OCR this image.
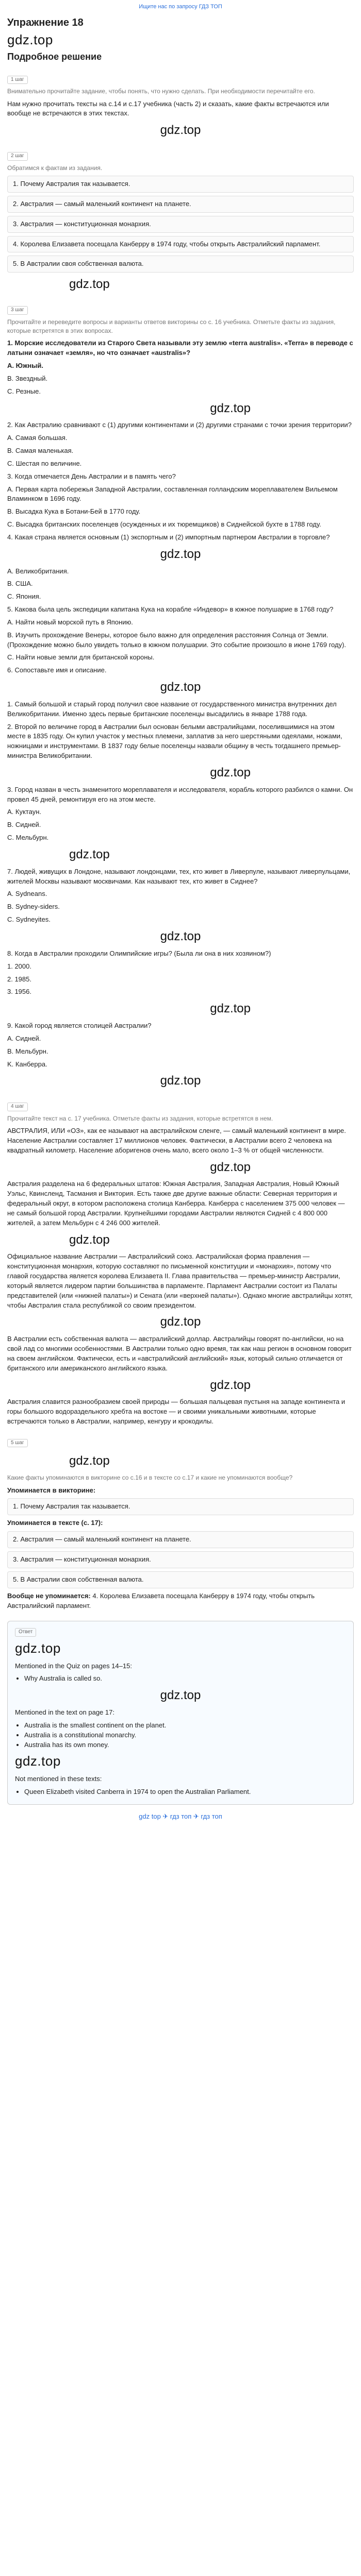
Ищите нас по запросу ГДЗ ТОП
Упражнение 18
gdz.top
Подробное решение
1 шаг
Внимательно прочитайте задание, чтобы понять, что нужно сделать. При необходимости перечитайте его.

Нам нужно прочитать тексты на с.14 и с.17 учебника (часть 2) и сказать, какие факты встречаются или вообще не встречаются в этих текстах.

gdz.top
2 шаг
Обратимся к фактам из задания.
1. Почему Австралия так называется.
2. Австралия — самый маленький континент на планете.
3. Австралия — конституционная монархия.
4. Королева Елизавета посещала Канберру в 1974 году, чтобы открыть Австралийский парламент.
5. В Австралии своя собственная валюта.
gdz.top
3 шаг
Прочитайте и переведите вопросы и варианты ответов викторины со с. 16 учебника. Отметьте факты из задания, которые встретятся в этих вопросах.

1. Морские исследователи из Старого Света называли эту землю «terra australis». «Terra» в переводе с латыни означает «земля», но что означает «australis»?

А. Южный.

B. Звездный.

С. Резные.

gdz.top

2. Как Австралию сравнивают с (1) другими континентами и (2) другими странами с точки зрения территории?

А. Самая большая.

B. Самая маленькая.

С. Шестая по величине.

3. Когда отмечается День Австралии и в память чего?

А. Первая карта побережья Западной Австралии, составленная голландским мореплавателем Вильемом Вламинком в 1696 году.

B. Высадка Кука в Ботани-Бей в 1770 году.

С. Высадка британских поселенцев (осужденных и их тюремщиков) в Сиднейской бухте в 1788 году.

4. Какая страна является основным (1) экспортным и (2) импортным партнером Австралии в торговле?

gdz.top

A. Великобритания.

B. США.

С. Япония.

5. Какова была цель экспедиции капитана Кука на корабле «Индевор» в южное полушарие в 1768 году?

A. Найти новый морской путь в Японию.

B. Изучить прохождение Венеры, которое было важно для определения расстояния Солнца от Земли. (Прохождение можно было увидеть только в южном полушарии. Это событие произошло в июне 1769 году).

С. Найти новые земли для британской короны.

6. Сопоставьте имя и описание.

gdz.top

1. Самый большой и старый город получил свое название от государственного министра внутренних дел Великобритании. Именно здесь первые британские поселенцы высадились в январе 1788 года.

2. Второй по величине город в Австралии был основан белыми австралийцами, поселившимися на этом месте в 1835 году. Он купил участок у местных племени, заплатив за него шерстяными одеялами, ножами, ножницами и инструментами. В 1837 году белые поселенцы назвали общину в честь тогдашнего премьер-министра Великобритании.

gdz.top

3. Город назван в честь знаменитого мореплавателя и исследователя, корабль которого разбился о камни. Он провел 45 дней, ремонтируя его на этом месте.

А. Куктаун.

B. Сидней.

С. Мельбурн.

gdz.top

7. Людей, живущих в Лондоне, называют лондонцами, тех, кто живет в Ливерпуле, называют ливерпульцами, жителей Москвы называют москвичами. Как называют тех, кто живет в Сиднее?

A. Sydneans.

B. Sydney-siders.

С. Sydneyites.

gdz.top

8. Когда в Австралии проходили Олимпийские игры? (Была ли она в них хозяином?)

1. 2000.

2. 1985.

3. 1956.

gdz.top

9. Какой город является столицей Австралии?

A. Сидней.

B. Мельбурн.

K. Канберра.

gdz.top
4 шаг
Прочитайте текст на с. 17 учебника. Отметьте факты из задания, которые встретятся в нем.

АВСТРАЛИЯ, ИЛИ «ОЗ», как ее называют на австралийском сленге, — самый маленький континент в мире. Население Австралии составляет 17 миллионов человек. Фактически, в Австралии всего 2 человека на квадратный километр. Население аборигенов очень мало, всего около 1–3 % от общей численности.

gdz.top

Австралия разделена на 6 федеральных штатов: Южная Австралия, Западная Австралия, Новый Южный Уэльс, Квинсленд, Тасмания и Виктория. Есть также две другие важные области: Северная территория и федеральный округ, в котором расположена столица Канберра. Канберра с населением 375 000 человек — не самый большой город Австралии. Крупнейшими городами Австралии являются Сидней с 4 800 000 жителей, а затем Мельбурн с 4 246 000 жителей.

gdz.top

Официальное название Австралии — Австралийский союз. Австралийская форма правления — конституционная монархия, которую составляют по письменной конституции и «монархия», потому что главой государства является королева Елизавета II. Глава правительства — премьер-министр Австралии, который является лидером партии большинства в парламенте. Парламент Австралии состоит из Палаты представителей (или «нижней палаты») и Сената (или «верхней палаты»). Однако многие австралийцы хотят, чтобы Австралия стала республикой со своим президентом.

gdz.top

В Австралии есть собственная валюта — австралийский доллар. Австралийцы говорят по-английски, но на свой лад со многими особенностями. В Австралии только одно время, так как наш регион в основном говорит на своем английском. Фактически, есть и «австралийский английский» язык, который сильно отличается от британского или американского английского языка.

gdz.top

Австралия славится разнообразием своей природы — большая пальцевая пустыня на западе континента и горы большого водораздельного хребта на востоке — и своими уникальными животными, которые встречаются только в Австралии, например, кенгуру и крокодилы.

5 шаг
gdz.top
Какие факты упоминаются в викторине со с.16 и в тексте со с.17 и какие не упоминаются вообще?

Упоминается в викторине:

1. Почему Австралия так называется.

Упоминается в тексте (с. 17):

2. Австралия — самый маленький континент на планете.
3. Австралия — конституционная монархия.
5. В Австралии своя собственная валюта.

Вообще не упоминается: 4. Королева Елизавета посещала Канберру в 1974 году, чтобы открыть Австралийский парламент.

Ответ
gdz.top

Mentioned in the Quiz on pages 14–15:

• Why Australia is called so.
gdz.top

Mentioned in the text on page 17:

• Australia is the smallest continent on the planet.
• Australia is a constitutional monarchy.
• Australia has its own money.
gdz.top

Not mentioned in these texts:

• Queen Elizabeth visited Canberra in 1974 to open the Australian Parliament.
gdz top ✈ гдз топ ✈ гдз топ
